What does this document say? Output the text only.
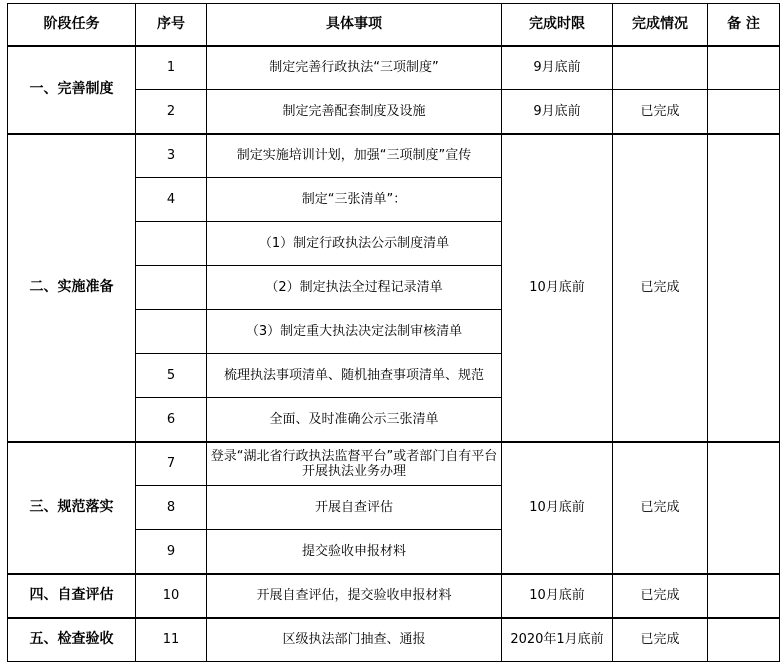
阶段任务	序号	具体事项	完成时限	完成情况	备 注
一、完善制度	1	制定完善行政执法“三项制度”	9月底前		
	2	制定完善配套制度及设施	9月底前	已完成	
二、实施准备	3	制定实施培训计划，加强“三项制度”宣传	10月底前	已完成	
	4	制定“三张清单”：			
		（1）制定行政执法公示制度清单			
		（2）制定执法全过程记录清单			
		（3）制定重大执法决定法制审核清单			
	5	梳理执法事项清单、随机抽查事项清单、规范			
	6	全面、及时准确公示三张清单			
三、规范落实	7	登录“湖北省行政执法监督平台”或者部门自有平台开展执法业务办理	10月底前	已完成	
	8	开展自查评估			
	9	提交验收申报材料			
四、自查评估	10	开展自查评估，提交验收申报材料	10月底前	已完成	
五、检查验收	11	区级执法部门抽查、通报	2020年1月底前	已完成	
